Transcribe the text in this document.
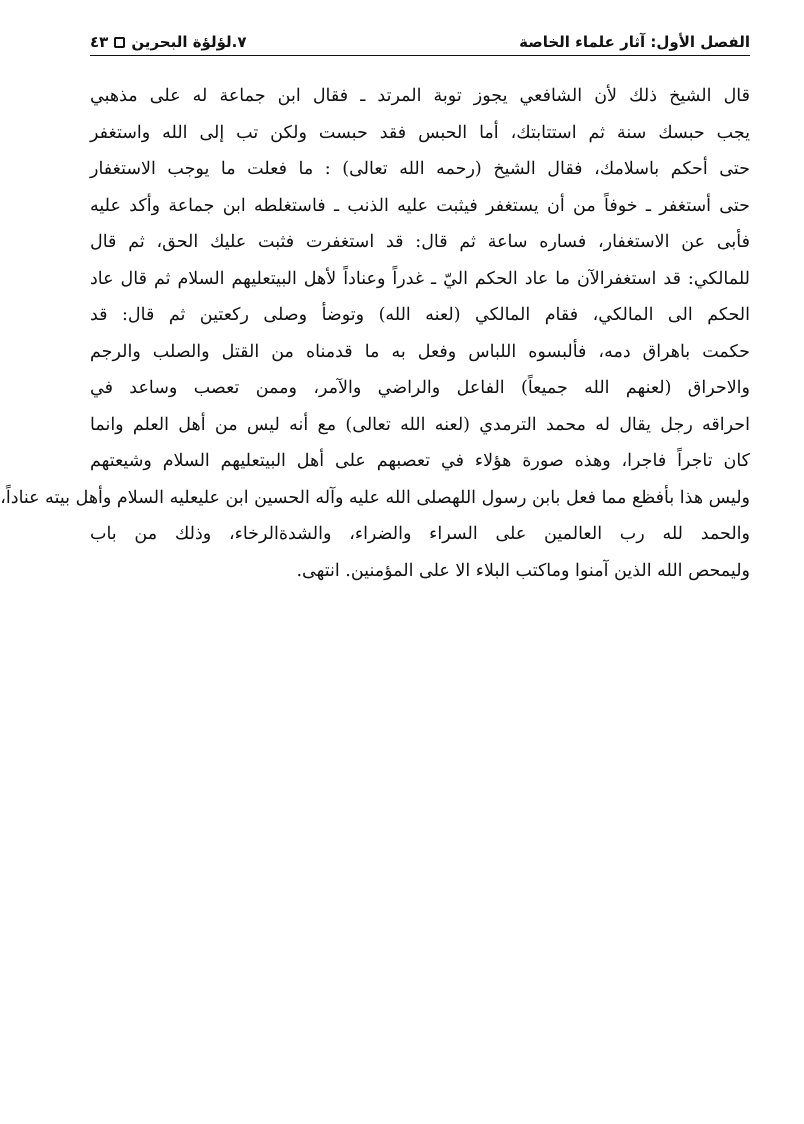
الفصل الأول: آثار علماء الخاصة
٧.لؤلؤة البحرين
٤٣
قال الشيخ ذلك لأن الشافعي يجوز توبة المرتد ـ فقال ابن جماعة له على مذهبي
يجب حبسك سنة ثم استتابتك، أما الحبس فقد حبست ولكن تب إلى الله واستغفر
حتى أحكم باسلامك، فقال الشيخ (رحمه الله تعالى) : ما فعلت ما يوجب الاستغفار
حتى أستغفر ـ خوفاً من أن يستغفر فيثبت عليه الذنب ـ فاستغلطه ابن جماعة وأكد عليه
فأبى عن الاستغفار، فساره ساعة ثم قال: قد استغفرت فثبت عليك الحق، ثم قال
للمالكي: قد استغفرالآن ما عاد الحكم اليّ ـ غدراً وعناداً لأهل البيتعليهم السلام ثم قال عاد
الحكم الى المالكي، فقام المالكي (لعنه الله) وتوضأ وصلى ركعتين ثم قال: قد
حكمت باهراق دمه، فألبسوه اللباس وفعل به ما قدمناه من القتل والصلب والرجم
والاحراق (لعنهم الله جميعاً) الفاعل والراضي والآمر، وممن تعصب وساعد في
احراقه رجل يقال له محمد الترمدي (لعنه الله تعالى) مع أنه ليس من أهل العلم وانما
كان تاجراً فاجرا، وهذه صورة هؤلاء في تعصبهم على أهل البيتعليهم السلام وشيعتهم
وليس هذا بأفظع مما فعل بابن رسول اللهصلى الله عليه وآله الحسين ابن عليعليه السلام وأهل بيته عناداً،
والحمد لله رب العالمين على السراء والضراء، والشدةالرخاء، وذلك من باب
وليمحص الله الذين آمنوا وماكتب البلاء الا على المؤمنين. انتهى.
